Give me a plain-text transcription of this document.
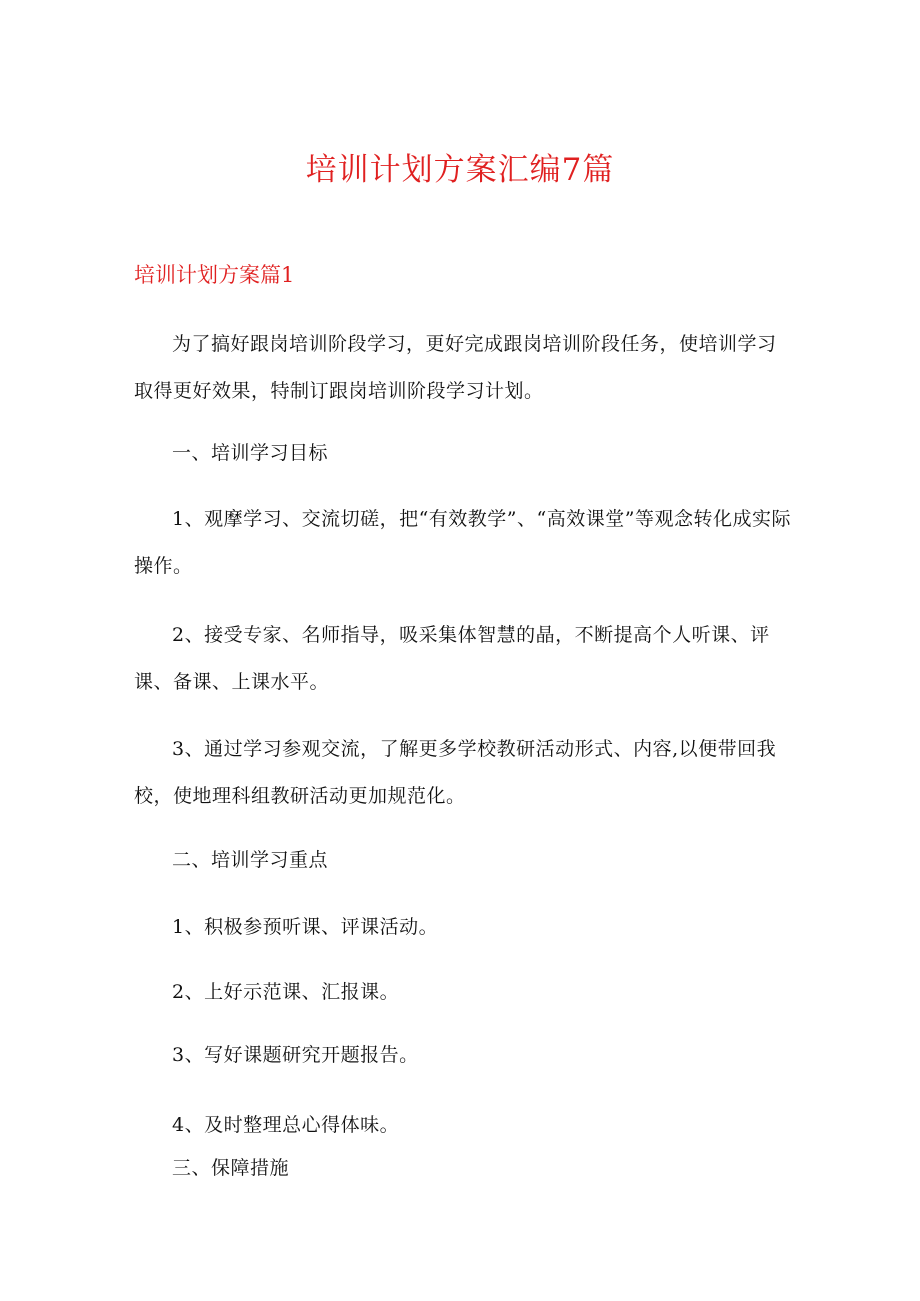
培训计划方案汇编7篇
培训计划方案篇1

为了搞好跟岗培训阶段学习，更好完成跟岗培训阶段任务，使培训学习取得更好效果，特制订跟岗培训阶段学习计划。

一、培训学习目标

1、观摩学习、交流切磋，把“有效教学”、“高效课堂”等观念转化成实际操作。

2、接受专家、名师指导，吸采集体智慧的晶，不断提高个人听课、评课、备课、上课水平。

3、通过学习参观交流，了解更多学校教研活动形式、内容,以便带回我校，使地理科组教研活动更加规范化。

二、培训学习重点

1、积极参预听课、评课活动。

2、上好示范课、汇报课。

3、写好课题研究开题报告。

4、及时整理总心得体味。

三、保障措施
